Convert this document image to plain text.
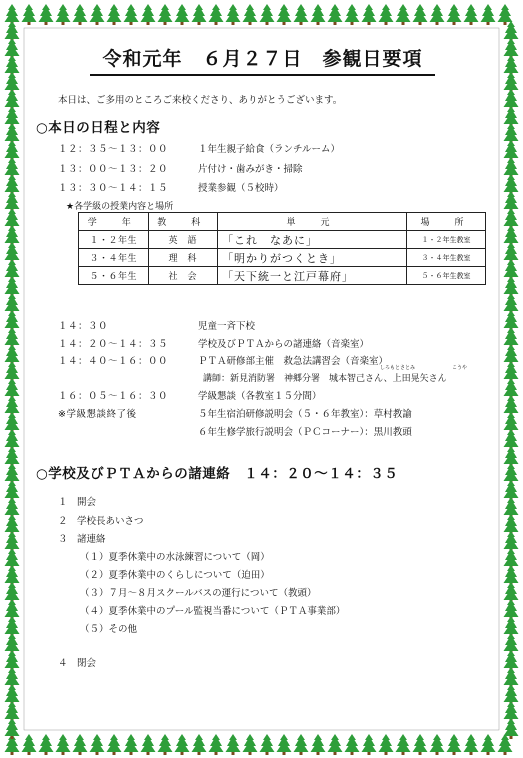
令和元年　６月２７日　参観日要項
本日は、ご多用のところご来校くださり、ありがとうございます。
○本日の日程と内容
１２：３５～１３：００	１年生親子給食（ランチルーム）
１３：００～１３：２０	片付け・歯みがき・掃除
１３：３０～１４：１５	授業参観（５校時）
★各学級の授業内容と場所
学　年	教　科	単　元	場　所
１・２年生	英　語	「これ　なあに」	１・２年生教室
３・４年生	理　科	「明かりがつくとき」	３・４年生教室
５・６年生	社　会	「天下統一と江戸幕府」	５・６年生教室
１４：３０	児童一斉下校
１４：２０～１４：３５	学校及びＰＴＡからの諸連絡（音楽室）
１４：４０～１６：００	ＰＴＡ研修部主催　救急法講習会（音楽室）
しろもとさとみ	こうや
講師：新見消防署　神郷分署　 城本智己さん、上田晃矢さん
１６：０５～１６：３０	学級懇談（各教室１５分間）
※学級懇談終了後	５年生宿泊研修説明会（５・６年教室）：草村教諭
６年生修学旅行説明会（ＰＣコーナー）：黒川教頭
○学校及びＰＴＡからの諸連絡　１４：２０～１４：３５
１　 開会
２　 学校長あいさつ
３　 諸連絡
（１）夏季休業中の水泳練習について（岡）
（２）夏季休業中のくらしについて（迫田）
（３）７月～８月スクールバスの運行について（教頭）
（４）夏季休業中のプール監視当番について（ＰＴＡ事業部）
（５）その他
４　 閉会
